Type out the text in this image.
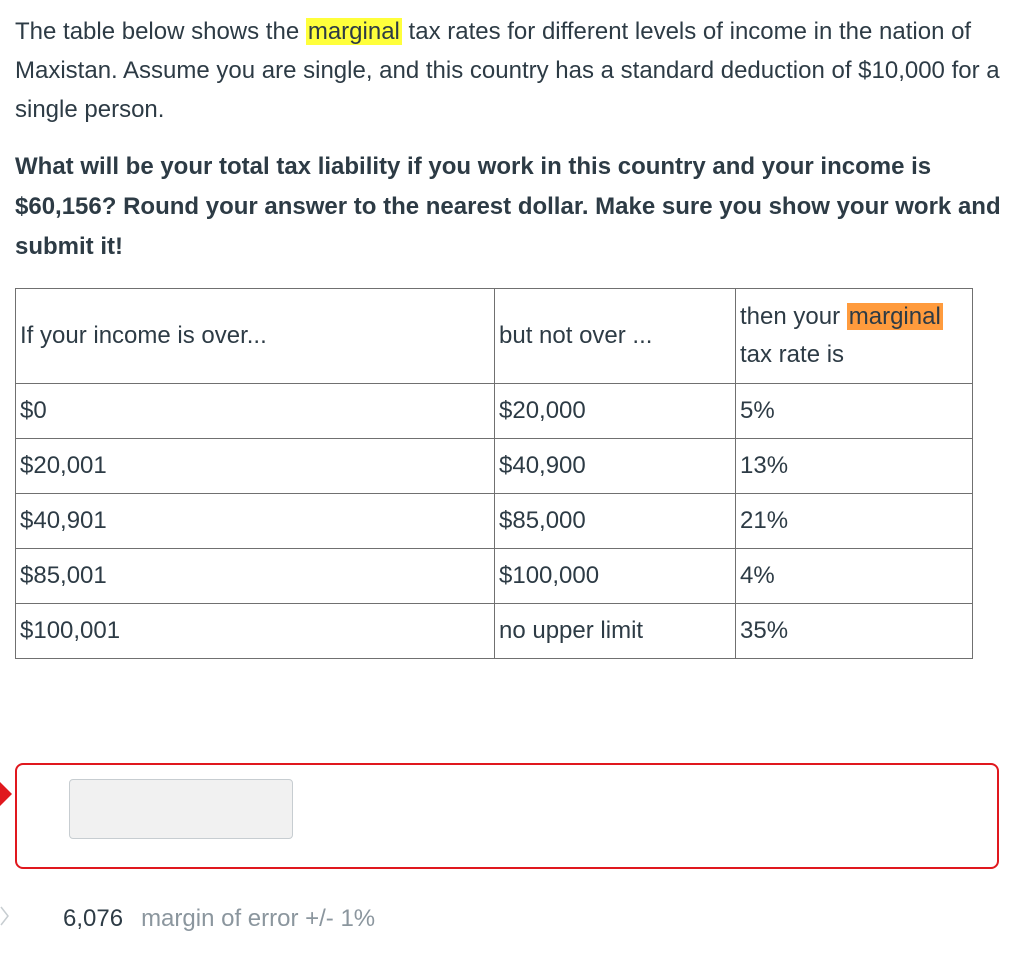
The table below shows the marginal tax rates for different levels of income in the nation of Maxistan. Assume you are single, and this country has a standard deduction of $10,000 for a single person.

What will be your total tax liability if you work in this country and your income is $60,156? Round your answer to the nearest dollar. Make sure you show your work and submit it!

If your income is over...	but not over ...	then your marginal tax rate is
$0	$20,000	5%
$20,001	$40,900	13%
$40,901	$85,000	21%
$85,001	$100,000	4%
$100,001	no upper limit	35%
6,076 margin of error +/- 1%
